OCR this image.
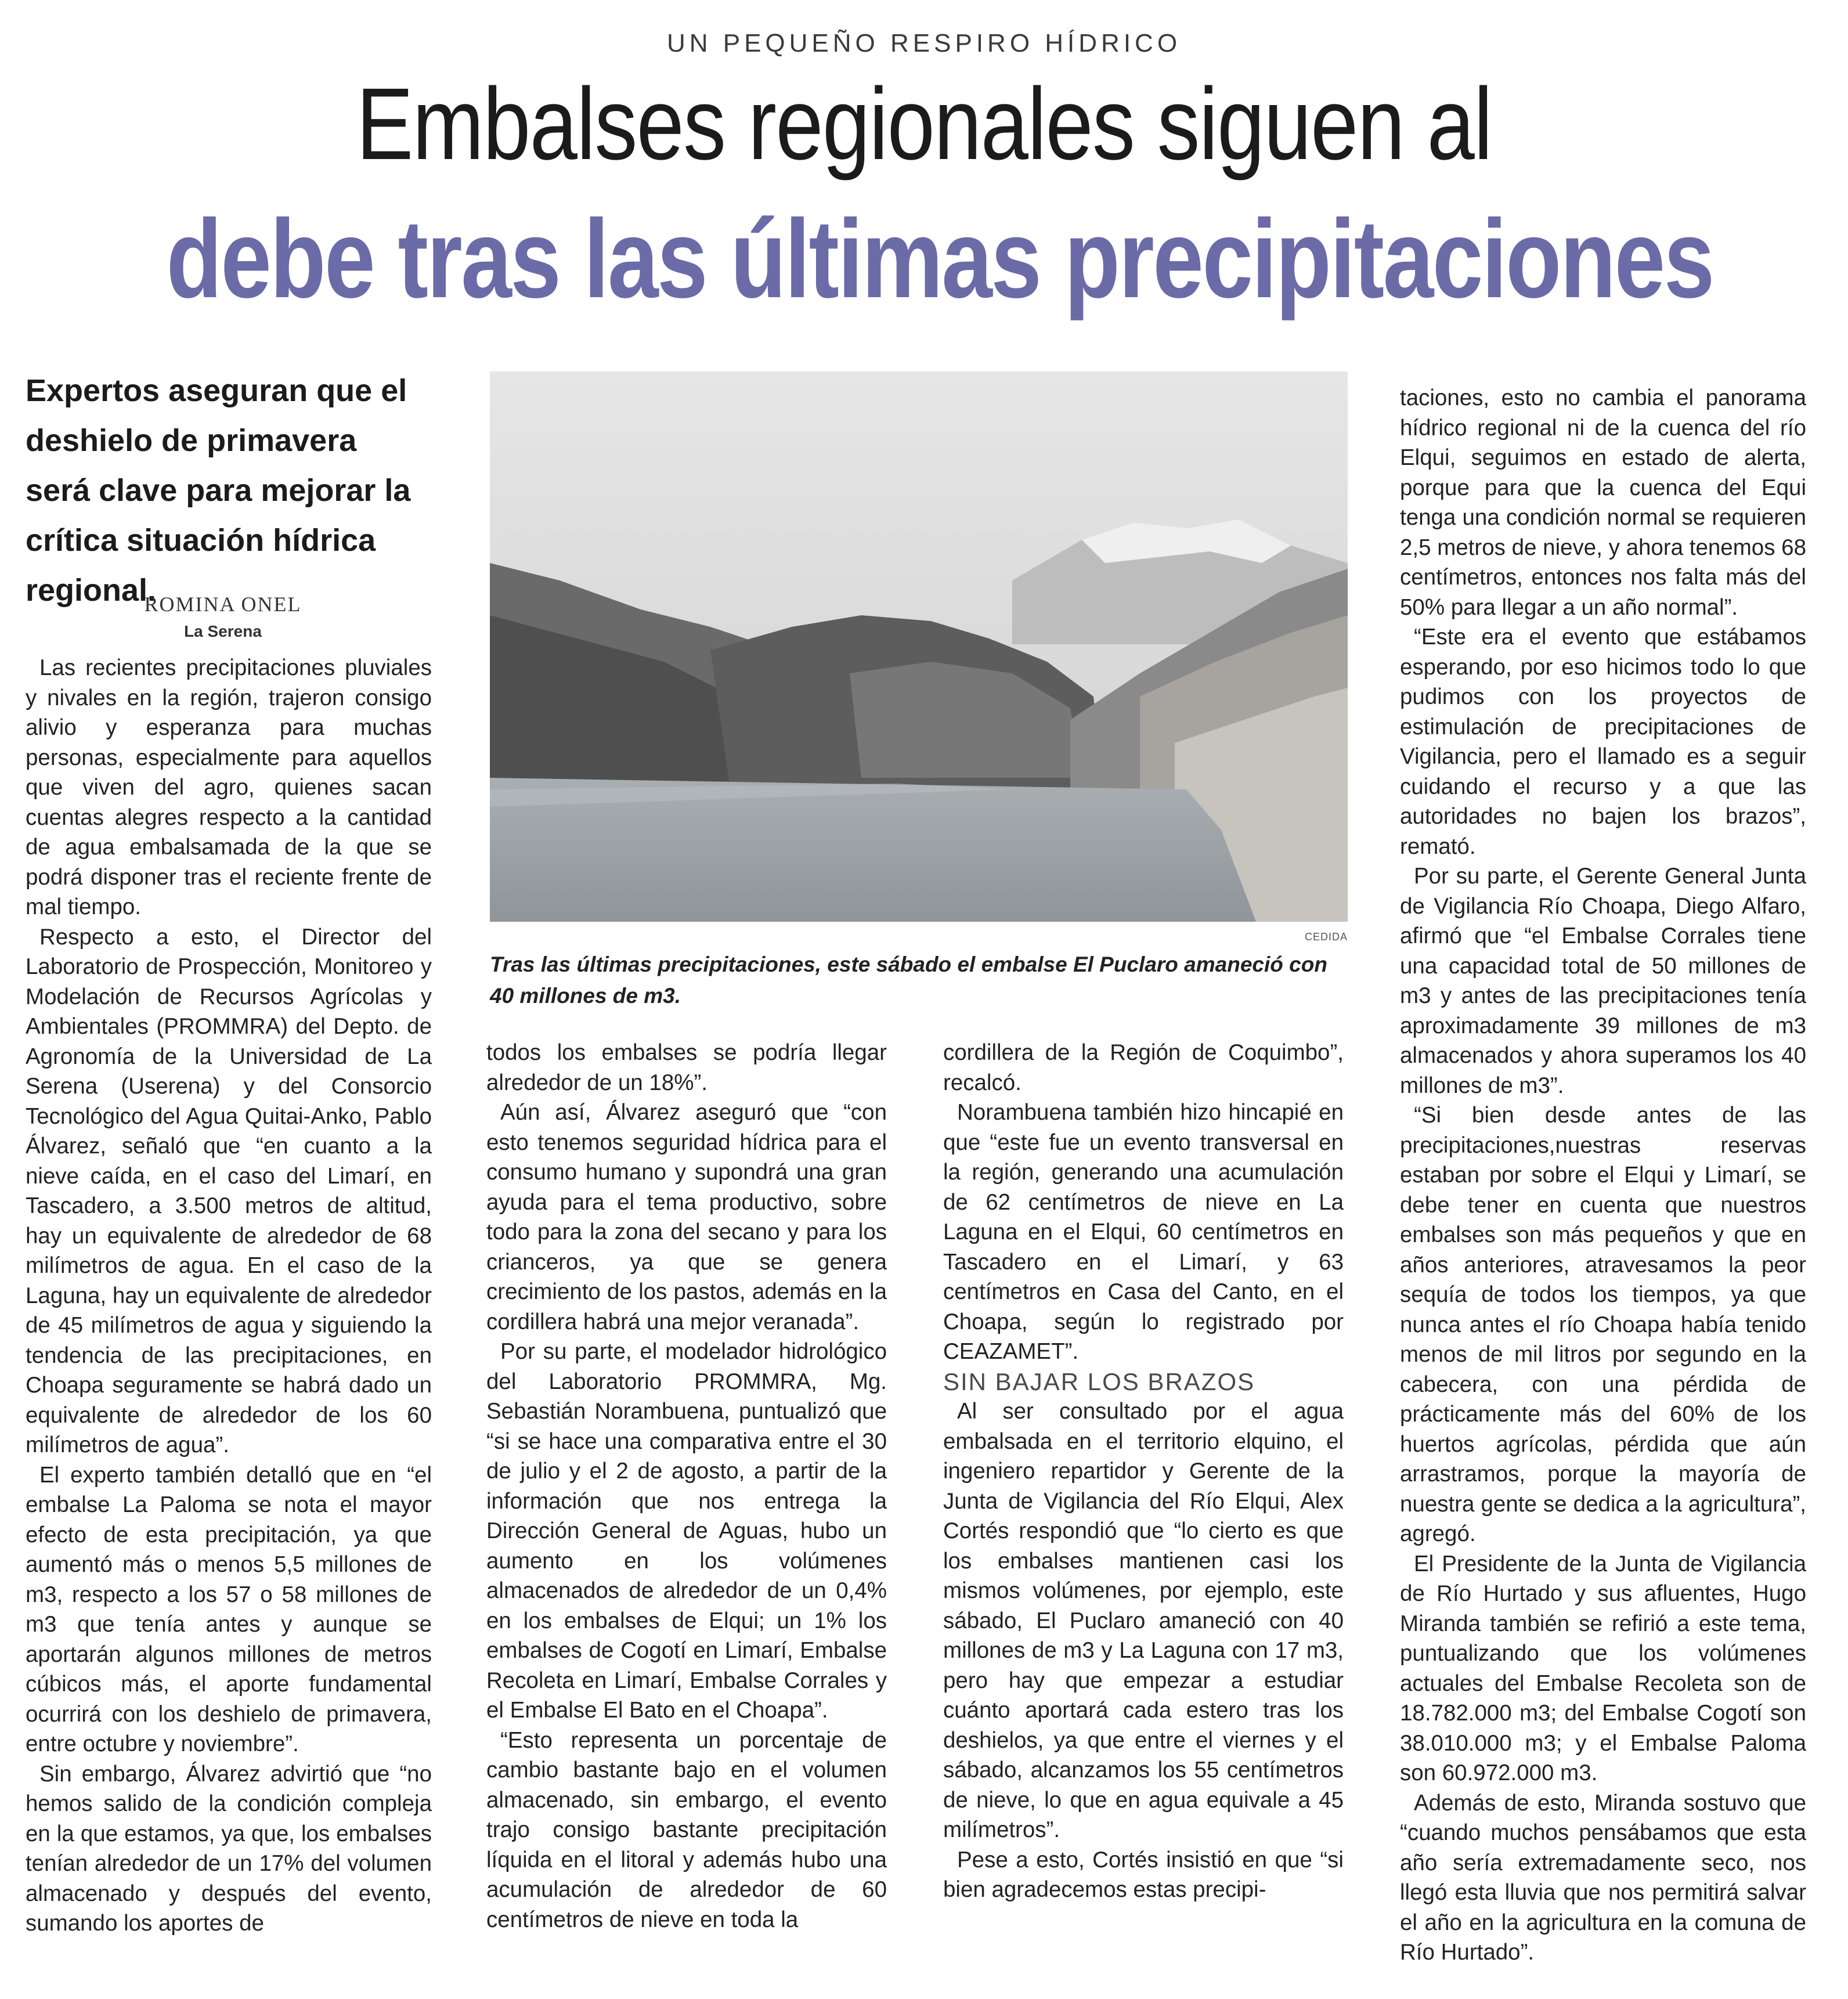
UN PEQUEÑO RESPIRO HÍDRICO
Embalses regionales siguen al
debe tras las últimas precipitaciones
Expertos aseguran que el deshielo de primavera será clave para mejorar la crítica situación hídrica regional.
ROMINA ONEL
La Serena
CEDIDA
Tras las últimas precipitaciones, este sábado el embalse El Puclaro amaneció con 40 millones de m3.

Las recientes precipitaciones pluviales y nivales en la región, trajeron consigo alivio y esperanza para muchas personas, especialmente para aquellos que viven del agro, quienes sacan cuentas alegres respecto a la cantidad de agua embalsamada de la que se podrá disponer tras el reciente frente de mal tiempo.

Respecto a esto, el Director del Laboratorio de Prospección, Monitoreo y Modelación de Recursos Agrícolas y Ambientales (PROMMRA) del Depto. de Agronomía de la Universidad de La Serena (Userena) y del Consorcio Tecnológico del Agua Quitai-Anko, Pablo Álvarez, señaló que “en cuanto a la nieve caída, en el caso del Limarí, en Tascadero, a 3.500 metros de altitud, hay un equivalente de alrededor de 68 milímetros de agua. En el caso de la Laguna, hay un equivalente de alrededor de 45 milímetros de agua y siguiendo la tendencia de las precipitaciones, en Choapa seguramente se habrá dado un equivalente de alrededor de los 60 milímetros de agua”.

El experto también detalló que en “el embalse La Paloma se nota el mayor efecto de esta precipitación, ya que aumentó más o menos 5,5 millones de m3, respecto a los 57 o 58 millones de m3 que tenía antes y aunque se aportarán algunos millones de metros cúbicos más, el aporte fundamental ocurrirá con los deshielo de primavera, entre octubre y noviembre”.

Sin embargo, Álvarez advirtió que “no hemos salido de la condición compleja en la que estamos, ya que, los embalses tenían alrededor de un 17% del volumen almacenado y después del evento, sumando los aportes de

todos los embalses se podría llegar alrededor de un 18%”.

Aún así, Álvarez aseguró que “con esto tenemos seguridad hídrica para el consumo humano y supondrá una gran ayuda para el tema productivo, sobre todo para la zona del secano y para los crianceros, ya que se genera crecimiento de los pastos, además en la cordillera habrá una mejor veranada”.

Por su parte, el modelador hidrológico del Laboratorio PROMMRA, Mg. Sebastián Norambuena, puntualizó que “si se hace una comparativa entre el 30 de julio y el 2 de agosto, a partir de la información que nos entrega la Dirección General de Aguas, hubo un aumento en los volúmenes almacenados de alrededor de un 0,4% en los embalses de Elqui; un 1% los embalses de Cogotí en Limarí, Embalse Recoleta en Limarí, Embalse Corrales y el Embalse El Bato en el Choapa”.

“Esto representa un porcentaje de cambio bastante bajo en el volumen almacenado, sin embargo, el evento trajo consigo bastante precipitación líquida en el litoral y además hubo una acumulación de alrededor de 60 centímetros de nieve en toda la

cordillera de la Región de Coquimbo”, recalcó.

Norambuena también hizo hincapié en que “este fue un evento transversal en la región, generando una acumulación de 62 centímetros de nieve en La Laguna en el Elqui, 60 centímetros en Tascadero en el Limarí, y 63 centímetros en Casa del Canto, en el Choapa, según lo registrado por CEAZAMET”.

SIN BAJAR LOS BRAZOS

Al ser consultado por el agua embalsada en el territorio elquino, el ingeniero repartidor y Gerente de la Junta de Vigilancia del Río Elqui, Alex Cortés respondió que “lo cierto es que los embalses mantienen casi los mismos volúmenes, por ejemplo, este sábado, El Puclaro amaneció con 40 millones de m3 y La Laguna con 17 m3, pero hay que empezar a estudiar cuánto aportará cada estero tras los deshielos, ya que entre el viernes y el sábado, alcanzamos los 55 centímetros de nieve, lo que en agua equivale a 45 milímetros”.

Pese a esto, Cortés insistió en que “si bien agradecemos estas precipi-

taciones, esto no cambia el panorama hídrico regional ni de la cuenca del río Elqui, seguimos en estado de alerta, porque para que la cuenca del Equi tenga una condición normal se requieren 2,5 metros de nieve, y ahora tenemos 68 centímetros, entonces nos falta más del 50% para llegar a un año normal”.

“Este era el evento que estábamos esperando, por eso hicimos todo lo que pudimos con los proyectos de estimulación de precipitaciones de Vigilancia, pero el llamado es a seguir cuidando el recurso y a que las autoridades no bajen los brazos”, remató.

Por su parte, el Gerente General Junta de Vigilancia Río Choapa, Diego Alfaro, afirmó que “el Embalse Corrales tiene una capacidad total de 50 millones de m3 y antes de las precipitaciones tenía aproximadamente 39 millones de m3 almacenados y ahora superamos los 40 millones de m3”.

“Si bien desde antes de las precipitaciones,nuestras reservas estaban por sobre el Elqui y Limarí, se debe tener en cuenta que nuestros embalses son más pequeños y que en años anteriores, atravesamos la peor sequía de todos los tiempos, ya que nunca antes el río Choapa había tenido menos de mil litros por segundo en la cabecera, con una pérdida de prácticamente más del 60% de los huertos agrícolas, pérdida que aún arrastramos, porque la mayoría de nuestra gente se dedica a la agricultura”, agregó.

El Presidente de la Junta de Vigilancia de Río Hurtado y sus afluentes, Hugo Miranda también se refirió a este tema, puntualizando que los volúmenes actuales del Embalse Recoleta son de 18.782.000 m3; del Embalse Cogotí son 38.010.000 m3; y el Embalse Paloma son 60.972.000 m3.

Además de esto, Miranda sostuvo que “cuando muchos pensábamos que esta año sería extremadamente seco, nos llegó esta lluvia que nos permitirá salvar el año en la agricultura en la comuna de Río Hurtado”.
